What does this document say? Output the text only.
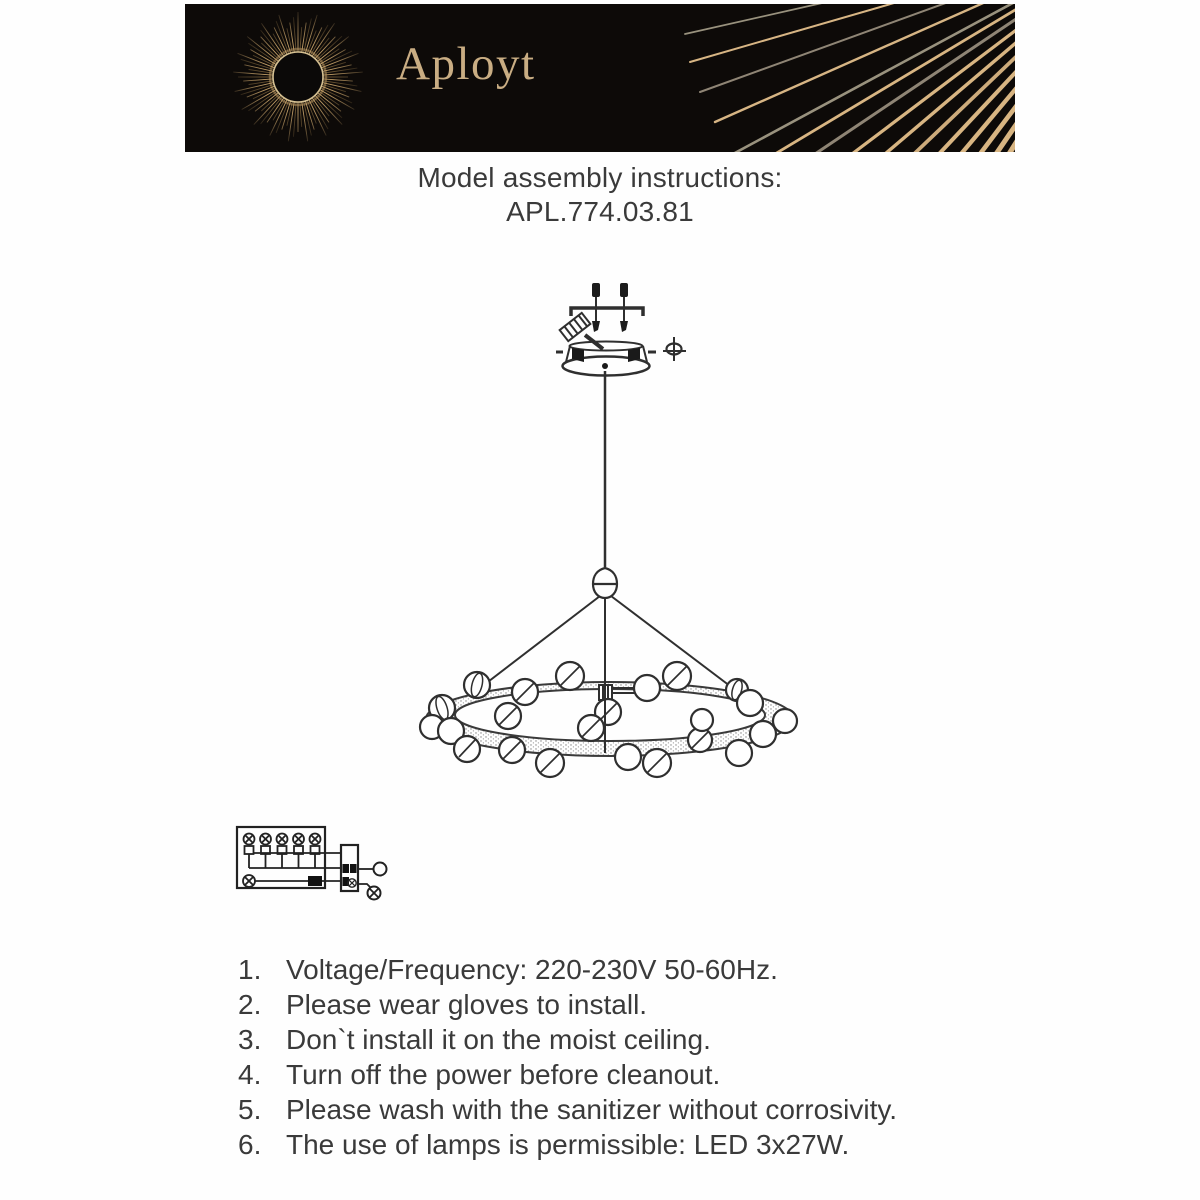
Aployt
Model assembly instructions:
APL.774.03.81
1. Voltage/Frequency: 220-230V 50-60Hz.
2. Please wear gloves to install.
3. Don`t install it on the moist ceiling.
4. Turn off the power before cleanout.
5. Please wash with the sanitizer without corrosivity.
6. The use of lamps is permissible: LED 3x27W.
